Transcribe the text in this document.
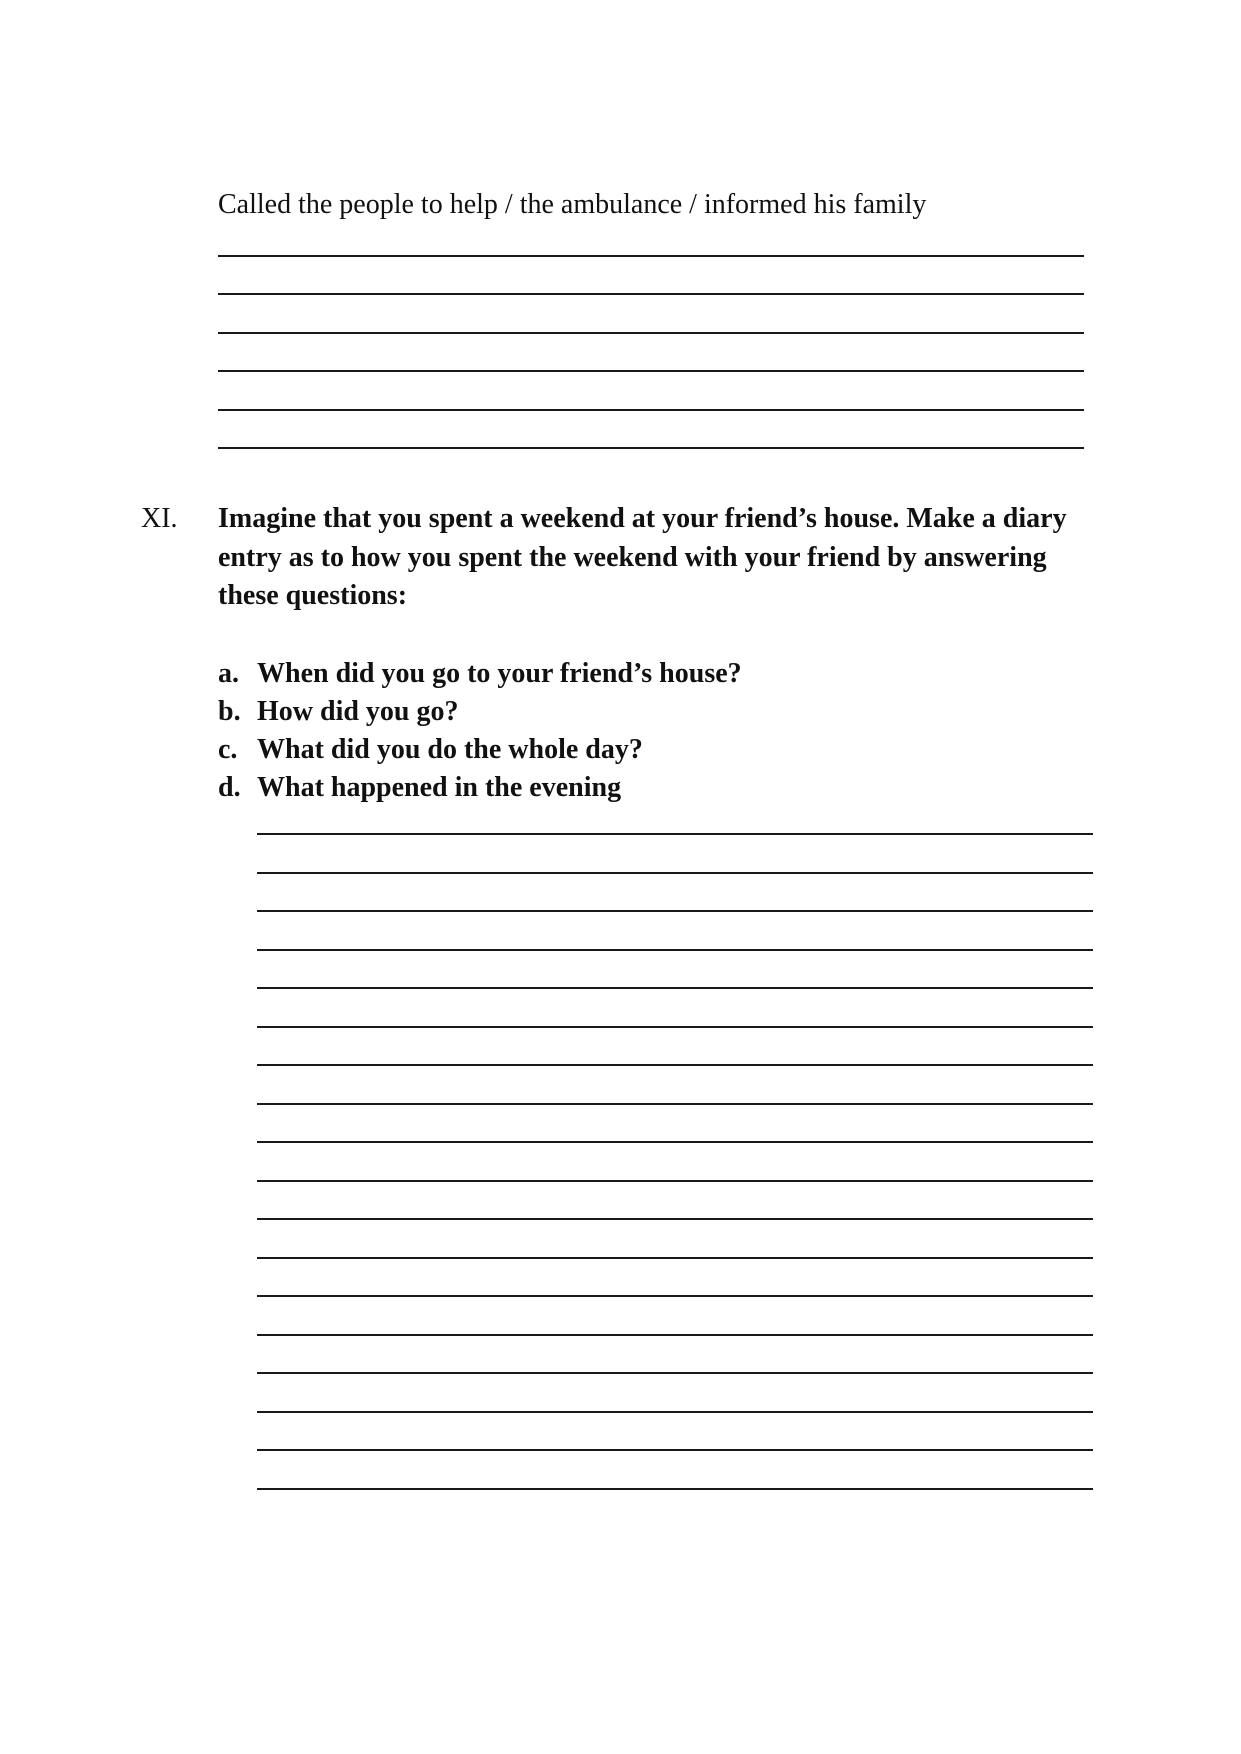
Called the people to help / the ambulance / informed his family
XI. Imagine that you spent a weekend at your friend’s house. Make a diary entry as to how you spent the weekend with your friend by answering these questions:
a. When did you go to your friend’s house?
b. How did you go?
c. What did you do the whole day?
d. What happened in the evening
